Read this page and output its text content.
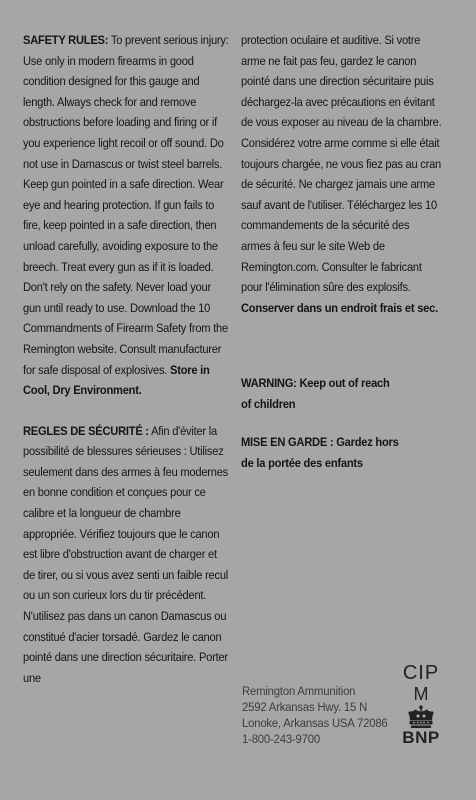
SAFETY RULES: To prevent serious injury: Use only in modern firearms in good condition designed for this gauge and length. Always check for and remove obstructions before loading and firing or if you experience light recoil or off sound. Do not use in Damascus or twist steel barrels. Keep gun pointed in a safe direction. Wear eye and hearing protection. If gun fails to fire, keep pointed in a safe direction, then unload carefully, avoiding exposure to the breech. Treat every gun as if it is loaded. Don't rely on the safety. Never load your gun until ready to use. Download the 10 Commandments of Firearm Safety from the Remington website. Consult manufacturer for safe disposal of explosives. Store in Cool, Dry Environment.

REGLES DE SÉCURITÉ : Afin d'éviter la possibilité de blessures sérieuses : Utilisez seulement dans des armes à feu modernes en bonne condition et conçues pour ce calibre et la longueur de chambre appropriée. Vérifiez toujours que le canon est libre d'obstruction avant de charger et de tirer, ou si vous avez senti un faible recul ou un son curieux lors du tir précédent. N'utilisez pas dans un canon Damascus ou constitué d'acier torsadé. Gardez le canon pointé dans une direction sécuritaire. Porter une

protection oculaire et auditive. Si votre arme ne fait pas feu, gardez le canon pointé dans une direction sécuritaire puis déchargez-la avec précautions en évitant de vous exposer au niveau de la chambre. Considérez votre arme comme si elle était toujours chargée, ne vous fiez pas au cran de sécurité. Ne chargez jamais une arme sauf avant de l'utiliser. Téléchargez les 10 commandements de la sécurité des armes à feu sur le site Web de Remington.com. Consulter le fabricant pour l'élimination sûre des explosifs. Conserver dans un endroit frais et sec.

WARNING: Keep out of reach
of children
MISE EN GARDE : Gardez hors
de la portée des enfants
Remington Ammunition
2592 Arkansas Hwy. 15 N
Lonoke, Arkansas USA 72086
1-800-243-9700
CIP
M
BNP
